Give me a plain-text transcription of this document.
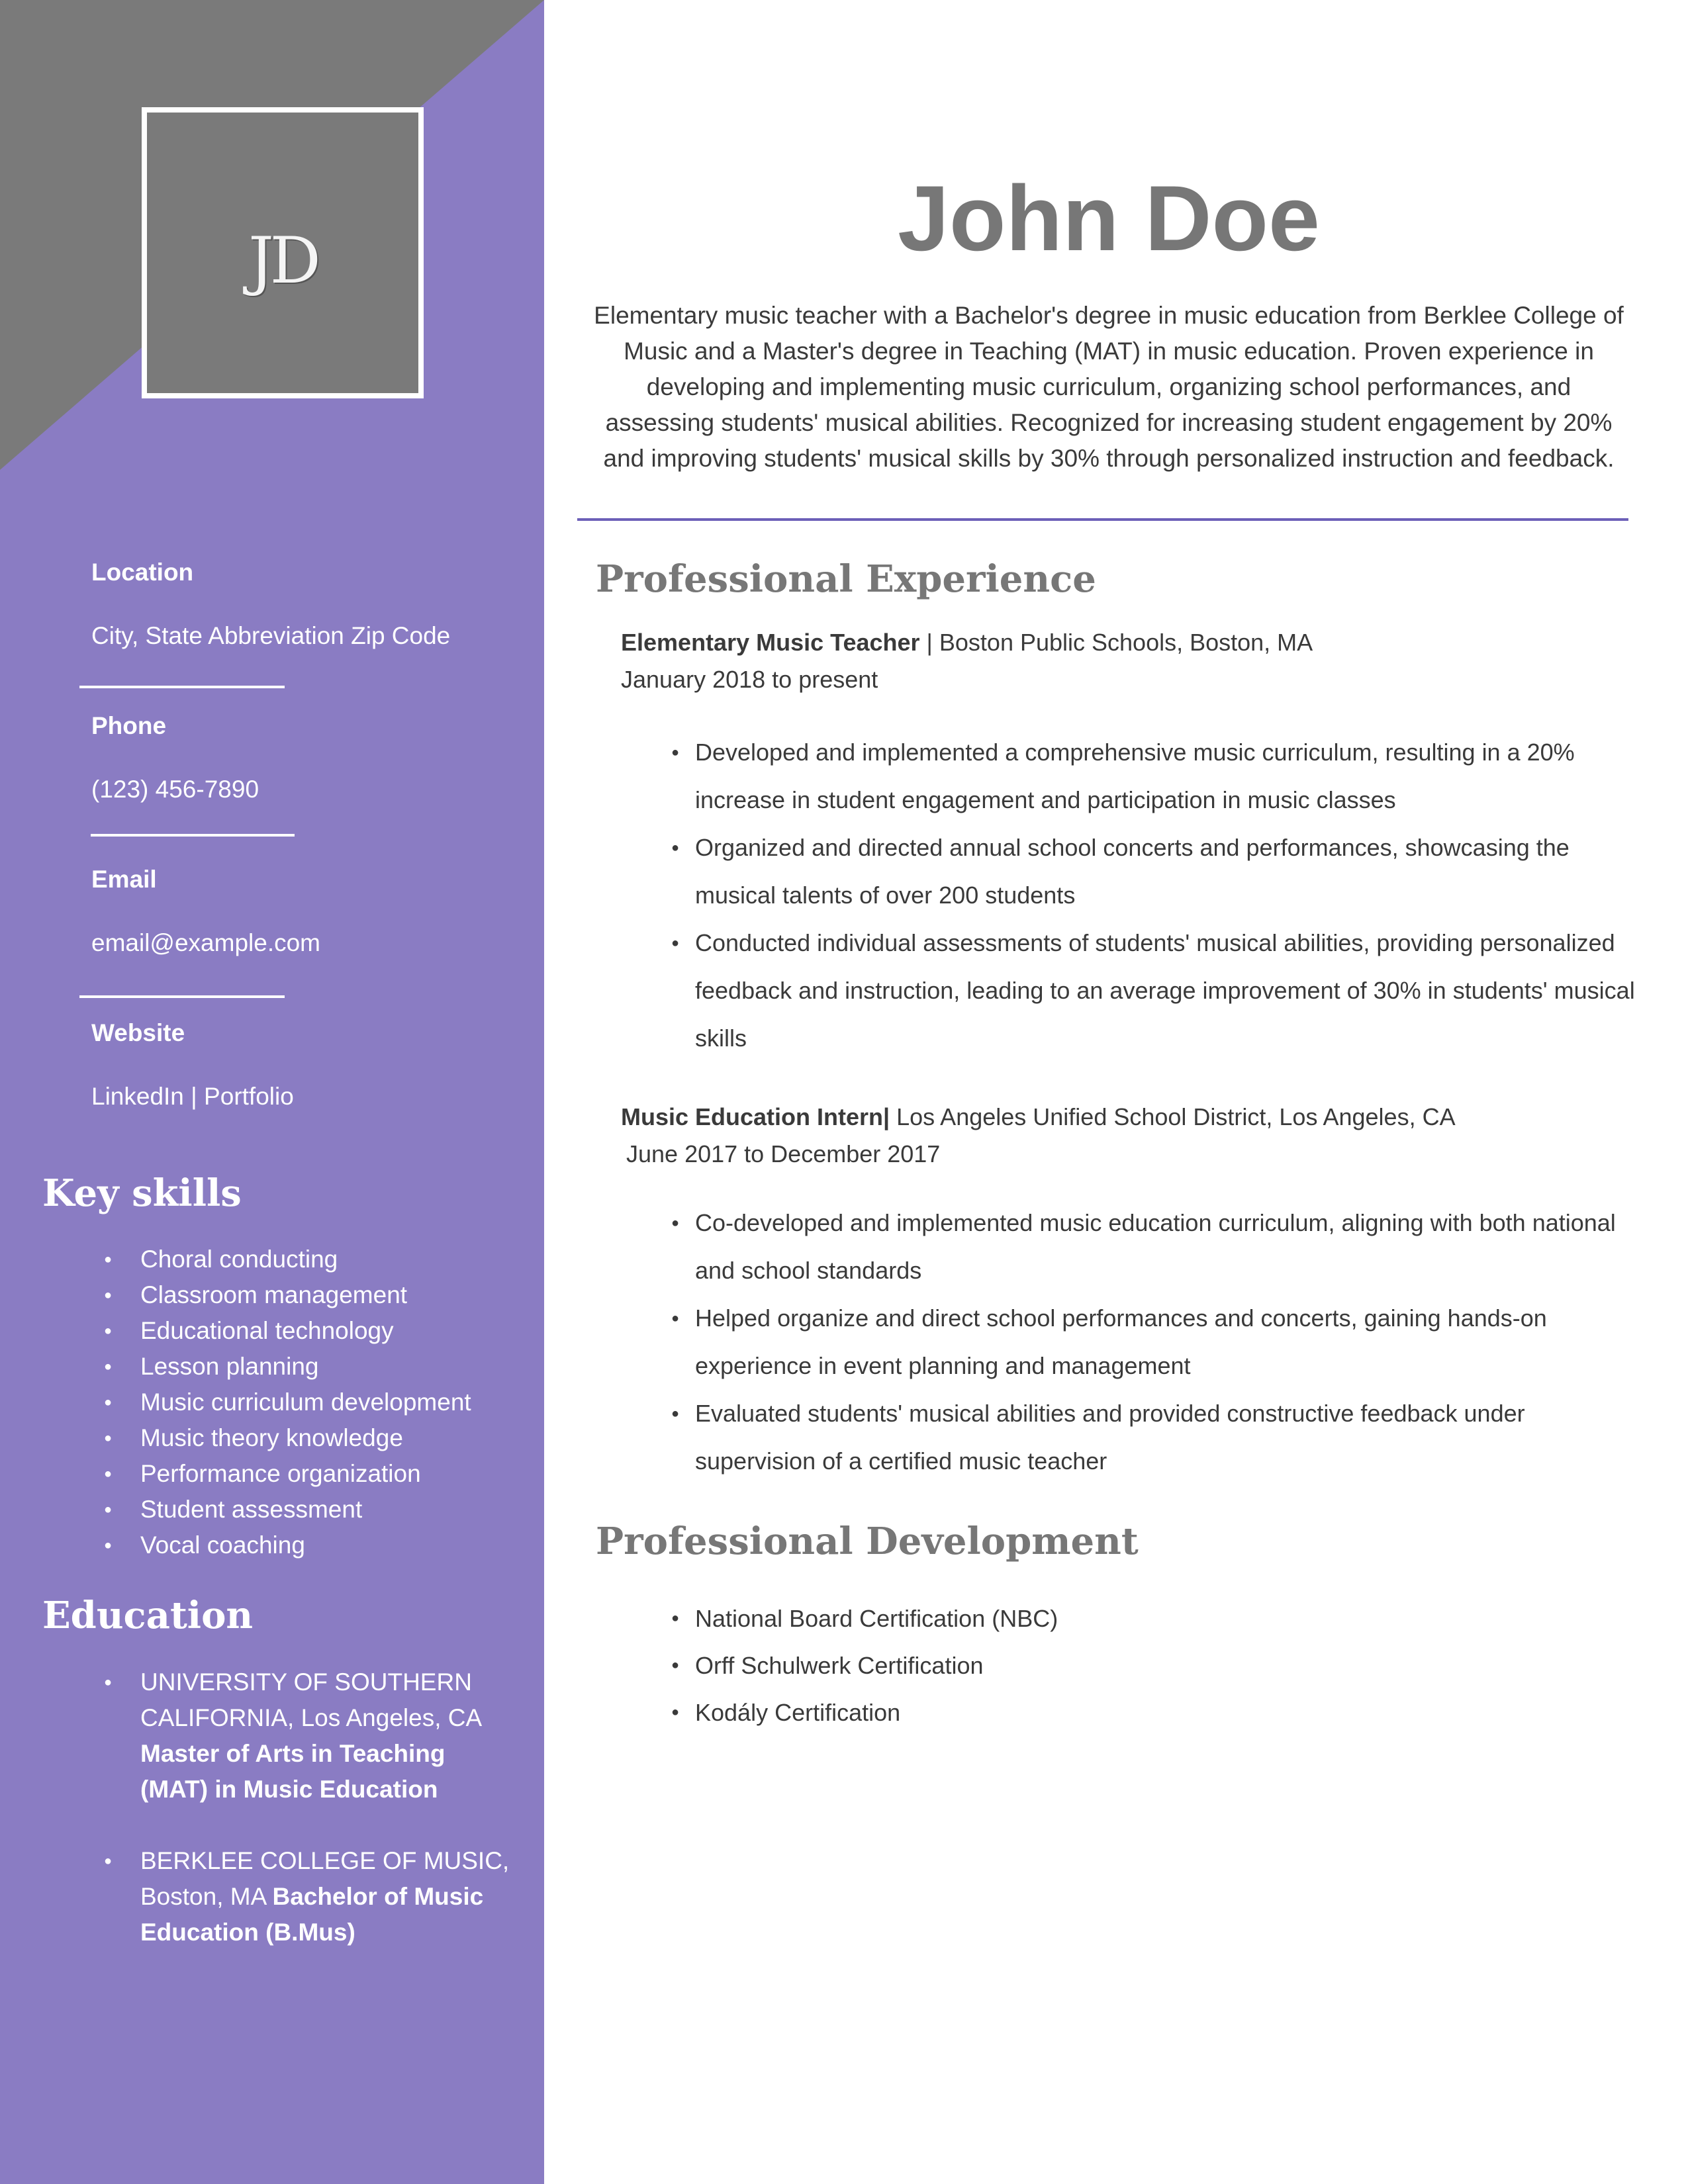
JD
Location
City, State Abbreviation Zip Code
Phone
(123) 456-7890
Email
email@example.com
Website
LinkedIn | Portfolio
Key skills
● Choral conducting
● Classroom management
● Educational technology
● Lesson planning
● Music curriculum development
● Music theory knowledge
● Performance organization
● Student assessment
● Vocal coaching
Education
● UNIVERSITY OF SOUTHERN CALIFORNIA, Los Angeles, CA
Master of Arts in Teaching (MAT) in Music Education
● BERKLEE COLLEGE OF MUSIC, Boston, MA Bachelor of Music Education (B.Mus)
John Doe
Elementary music teacher with a Bachelor's degree in music education from Berklee College of Music and a Master's degree in Teaching (MAT) in music education. Proven experience in developing and implementing music curriculum, organizing school performances, and assessing students' musical abilities. Recognized for increasing student engagement by 20% and improving students' musical skills by 30% through personalized instruction and feedback.
Professional Experience
Elementary Music Teacher | Boston Public Schools, Boston, MA
January 2018 to present
● Developed and implemented a comprehensive music curriculum, resulting in a 20% increase in student engagement and participation in music classes
● Organized and directed annual school concerts and performances, showcasing the musical talents of over 200 students
● Conducted individual assessments of students' musical abilities, providing personalized feedback and instruction, leading to an average improvement of 30% in students' musical skills
Music Education Intern| Los Angeles Unified School District, Los Angeles, CA
June 2017 to December 2017
● Co-developed and implemented music education curriculum, aligning with both national and school standards
● Helped organize and direct school performances and concerts, gaining hands-on experience in event planning and management
● Evaluated students' musical abilities and provided constructive feedback under supervision of a certified music teacher
Professional Development
● National Board Certification (NBC)
● Orff Schulwerk Certification
● Kodály Certification
